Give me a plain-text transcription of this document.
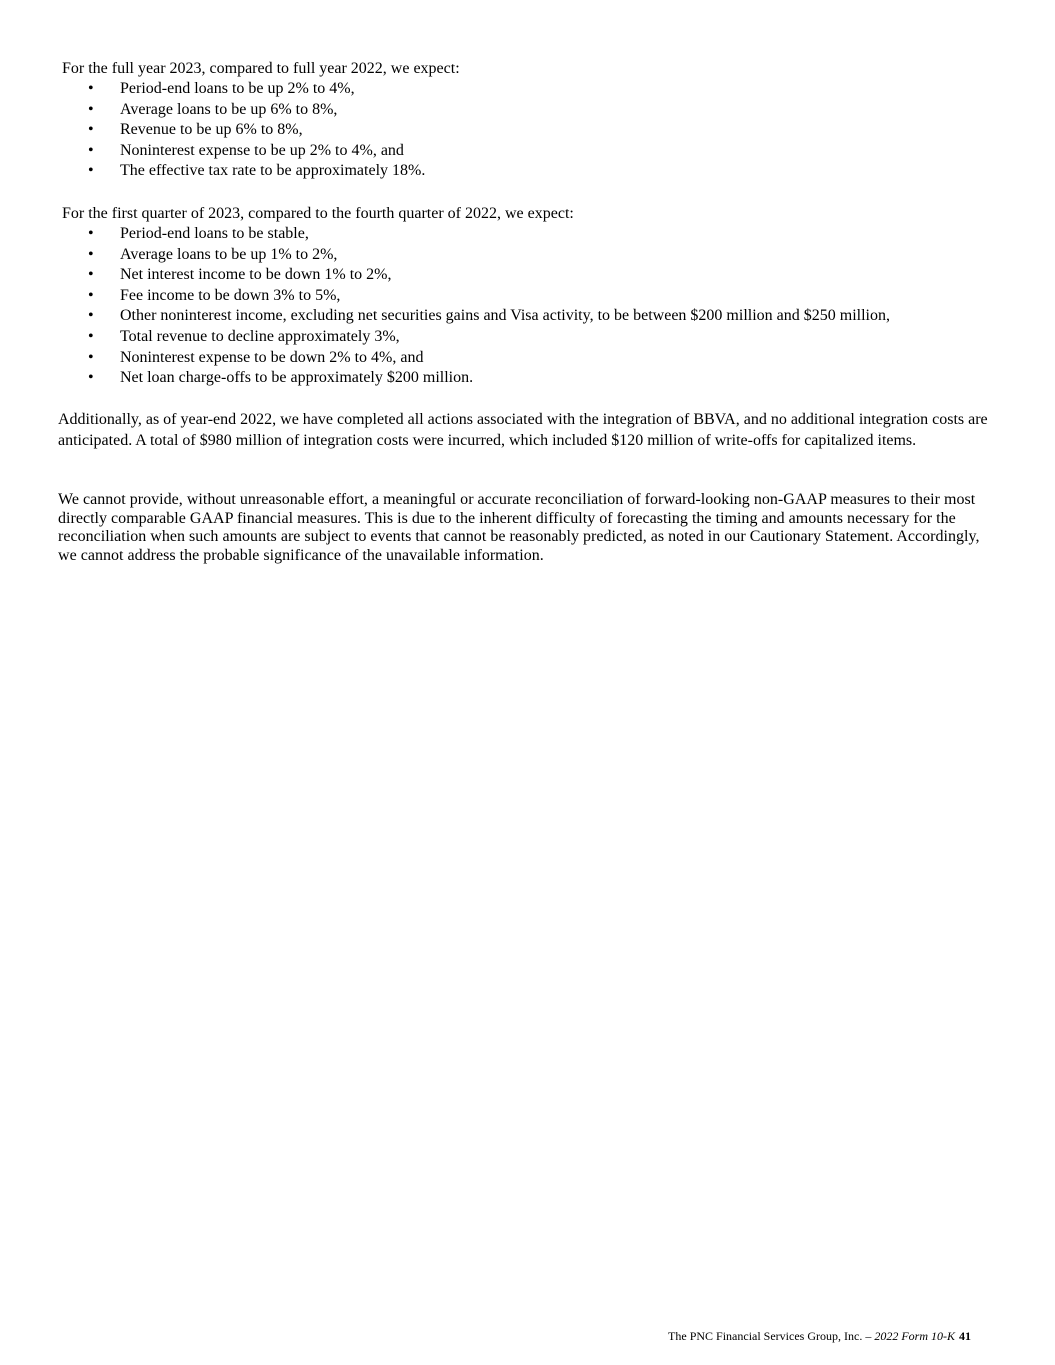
For the full year 2023, compared to full year 2022, we expect:
• Period-end loans to be up 2% to 4%,
• Average loans to be up 6% to 8%,
• Revenue to be up 6% to 8%,
• Noninterest expense to be up 2% to 4%, and
• The effective tax rate to be approximately 18%.
For the first quarter of 2023, compared to the fourth quarter of 2022, we expect:
• Period-end loans to be stable,
• Average loans to be up 1% to 2%,
• Net interest income to be down 1% to 2%,
• Fee income to be down 3% to 5%,
• Other noninterest income, excluding net securities gains and Visa activity, to be between $200 million and $250 million,
• Total revenue to decline approximately 3%,
• Noninterest expense to be down 2% to 4%, and
• Net loan charge-offs to be approximately $200 million.

Additionally, as of year-end 2022, we have completed all actions associated with the integration of BBVA, and no additional integration costs are anticipated. A total of $980 million of integration costs were incurred, which included $120 million of write-offs for capitalized items.

We cannot provide, without unreasonable effort, a meaningful or accurate reconciliation of forward-looking non-GAAP measures to their most directly comparable GAAP financial measures. This is due to the inherent difficulty of forecasting the timing and amounts necessary for the reconciliation when such amounts are subject to events that cannot be reasonably predicted, as noted in our Cautionary Statement. Accordingly, we cannot address the probable significance of the unavailable information.

The PNC Financial Services Group, Inc. – 2022 Form 10-K 41
